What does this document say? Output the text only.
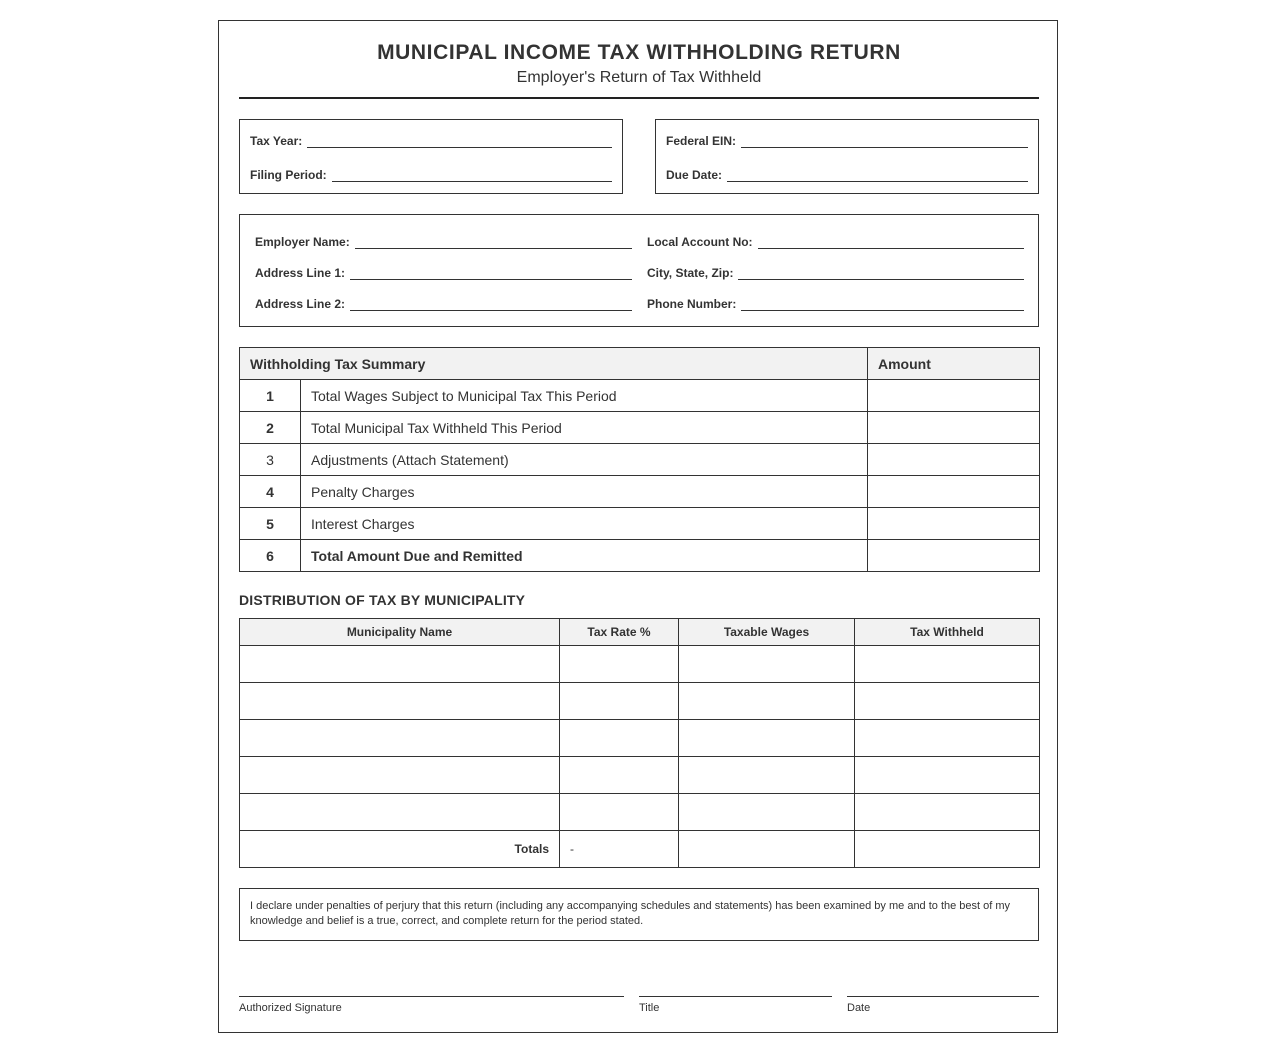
MUNICIPAL INCOME TAX WITHHOLDING RETURN
Employer's Return of Tax Withheld
Tax Year:
Filing Period:
Federal EIN:
Due Date:
Employer Name:
Address Line 1:
Address Line 2:
Local Account No:
City, State, Zip:
Phone Number:
Withholding Tax Summary		Amount
1	Total Wages Subject to Municipal Tax This Period	
2	Total Municipal Tax Withheld This Period	
3	Adjustments (Attach Statement)	
4	Penalty Charges	
5	Interest Charges	
6	Total Amount Due and Remitted	
DISTRIBUTION OF TAX BY MUNICIPALITY
Municipality Name	Tax Rate %	Taxable Wages	Tax Withheld

Totals	-		
I declare under penalties of perjury that this return (including any accompanying schedules and statements) has been examined by me and to the best of my knowledge and belief is a true, correct, and complete return for the period stated.
Authorized Signature	Title	Date
